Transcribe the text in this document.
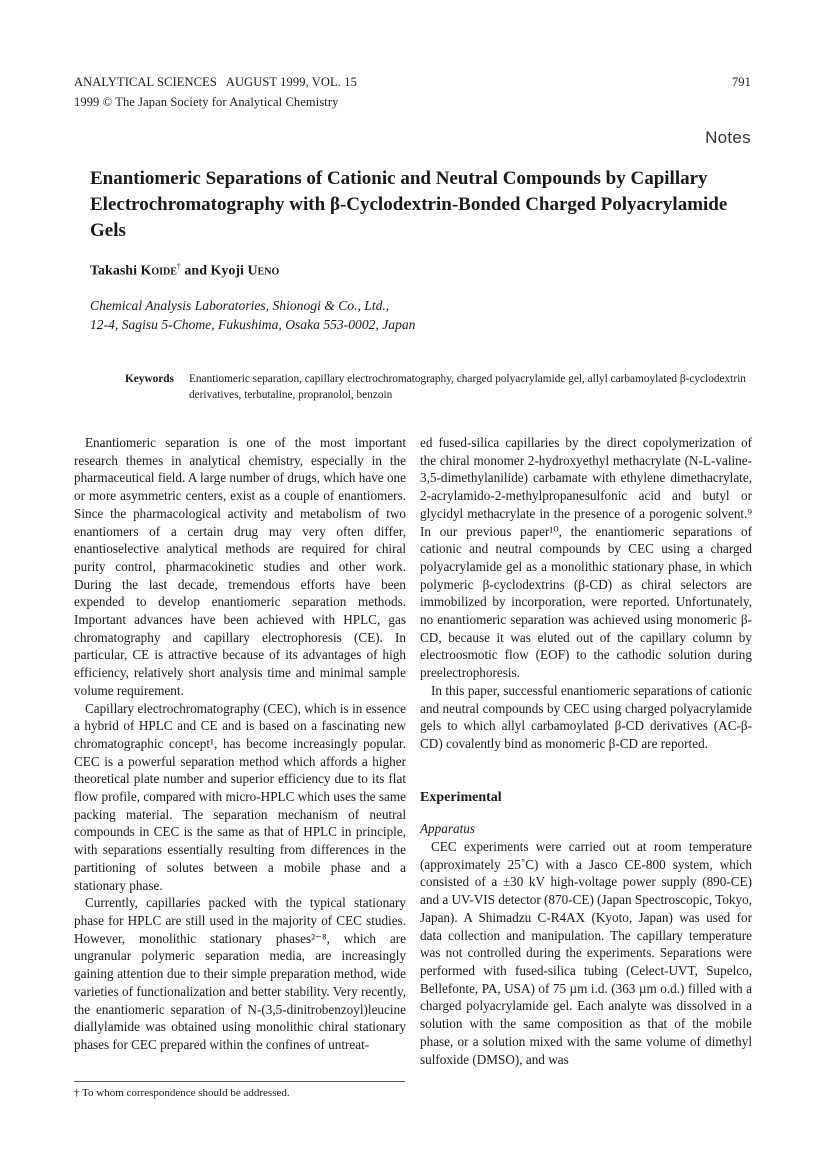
ANALYTICAL SCIENCES   AUGUST 1999, VOL. 15	791
1999 © The Japan Society for Analytical Chemistry
Notes
Enantiomeric Separations of Cationic and Neutral Compounds by Capillary Electrochromatography with β-Cyclodextrin-Bonded Charged Polyacrylamide Gels
Takashi Koide† and Kyoji Ueno
Chemical Analysis Laboratories, Shionogi & Co., Ltd.,
12-4, Sagisu 5-Chome, Fukushima, Osaka 553-0002, Japan
Keywords Enantiomeric separation, capillary electrochromatography, charged polyacrylamide gel, allyl carbamoylated β-cyclodextrin derivatives, terbutaline, propranolol, benzoin

Enantiomeric separation is one of the most important research themes in analytical chemistry, especially in the pharmaceutical field. A large number of drugs, which have one or more asymmetric centers, exist as a couple of enantiomers. Since the pharmacological activity and metabolism of two enantiomers of a certain drug may very often differ, enantioselective analytical methods are required for chiral purity control, pharmacokinetic studies and other work. During the last decade, tremendous efforts have been expended to develop enantiomeric separation methods. Important advances have been achieved with HPLC, gas chromatography and capillary electrophoresis (CE). In particular, CE is attractive because of its advantages of high efficiency, relatively short analysis time and minimal sample volume requirement.

Capillary electrochromatography (CEC), which is in essence a hybrid of HPLC and CE and is based on a fascinating new chromatographic concept¹, has become increasingly popular. CEC is a powerful separation method which affords a higher theoretical plate number and superior efficiency due to its flat flow profile, compared with micro-HPLC which uses the same packing material. The separation mechanism of neutral compounds in CEC is the same as that of HPLC in principle, with separations essentially resulting from differences in the partitioning of solutes between a mobile phase and a stationary phase.

Currently, capillaries packed with the typical stationary phase for HPLC are still used in the majority of CEC studies. However, monolithic stationary phases²⁻⁸, which are ungranular polymeric separation media, are increasingly gaining attention due to their simple preparation method, wide varieties of functionalization and better stability. Very recently, the enantiomeric separation of N-(3,5-dinitrobenzoyl)leucine diallylamide was obtained using monolithic chiral stationary phases for CEC prepared within the confines of untreat-

ed fused-silica capillaries by the direct copolymerization of the chiral monomer 2-hydroxyethyl methacrylate (N-L-valine-3,5-dimethylanilide) carbamate with ethylene dimethacrylate, 2-acrylamido-2-methylpropanesulfonic acid and butyl or glycidyl methacrylate in the presence of a porogenic solvent.⁹ In our previous paper¹⁰, the enantiomeric separations of cationic and neutral compounds by CEC using a charged polyacrylamide gel as a monolithic stationary phase, in which polymeric β-cyclodextrins (β-CD) as chiral selectors are immobilized by incorporation, were reported. Unfortunately, no enantiomeric separation was achieved using monomeric β-CD, because it was eluted out of the capillary column by electroosmotic flow (EOF) to the cathodic solution during preelectrophoresis.

In this paper, successful enantiomeric separations of cationic and neutral compounds by CEC using charged polyacrylamide gels to which allyl carbamoylated β-CD derivatives (AC-β-CD) covalently bind as monomeric β-CD are reported.

Experimental
Apparatus

CEC experiments were carried out at room temperature (approximately 25˚C) with a Jasco CE-800 system, which consisted of a ±30 kV high-voltage power supply (890-CE) and a UV-VIS detector (870-CE) (Japan Spectroscopic, Tokyo, Japan). A Shimadzu C-R4AX (Kyoto, Japan) was used for data collection and manipulation. The capillary temperature was not controlled during the experiments. Separations were performed with fused-silica tubing (Celect-UVT, Supelco, Bellefonte, PA, USA) of 75 µm i.d. (363 µm o.d.) filled with a charged polyacrylamide gel. Each analyte was dissolved in a solution with the same composition as that of the mobile phase, or a solution mixed with the same volume of dimethyl sulfoxide (DMSO), and was

† To whom correspondence should be addressed.
